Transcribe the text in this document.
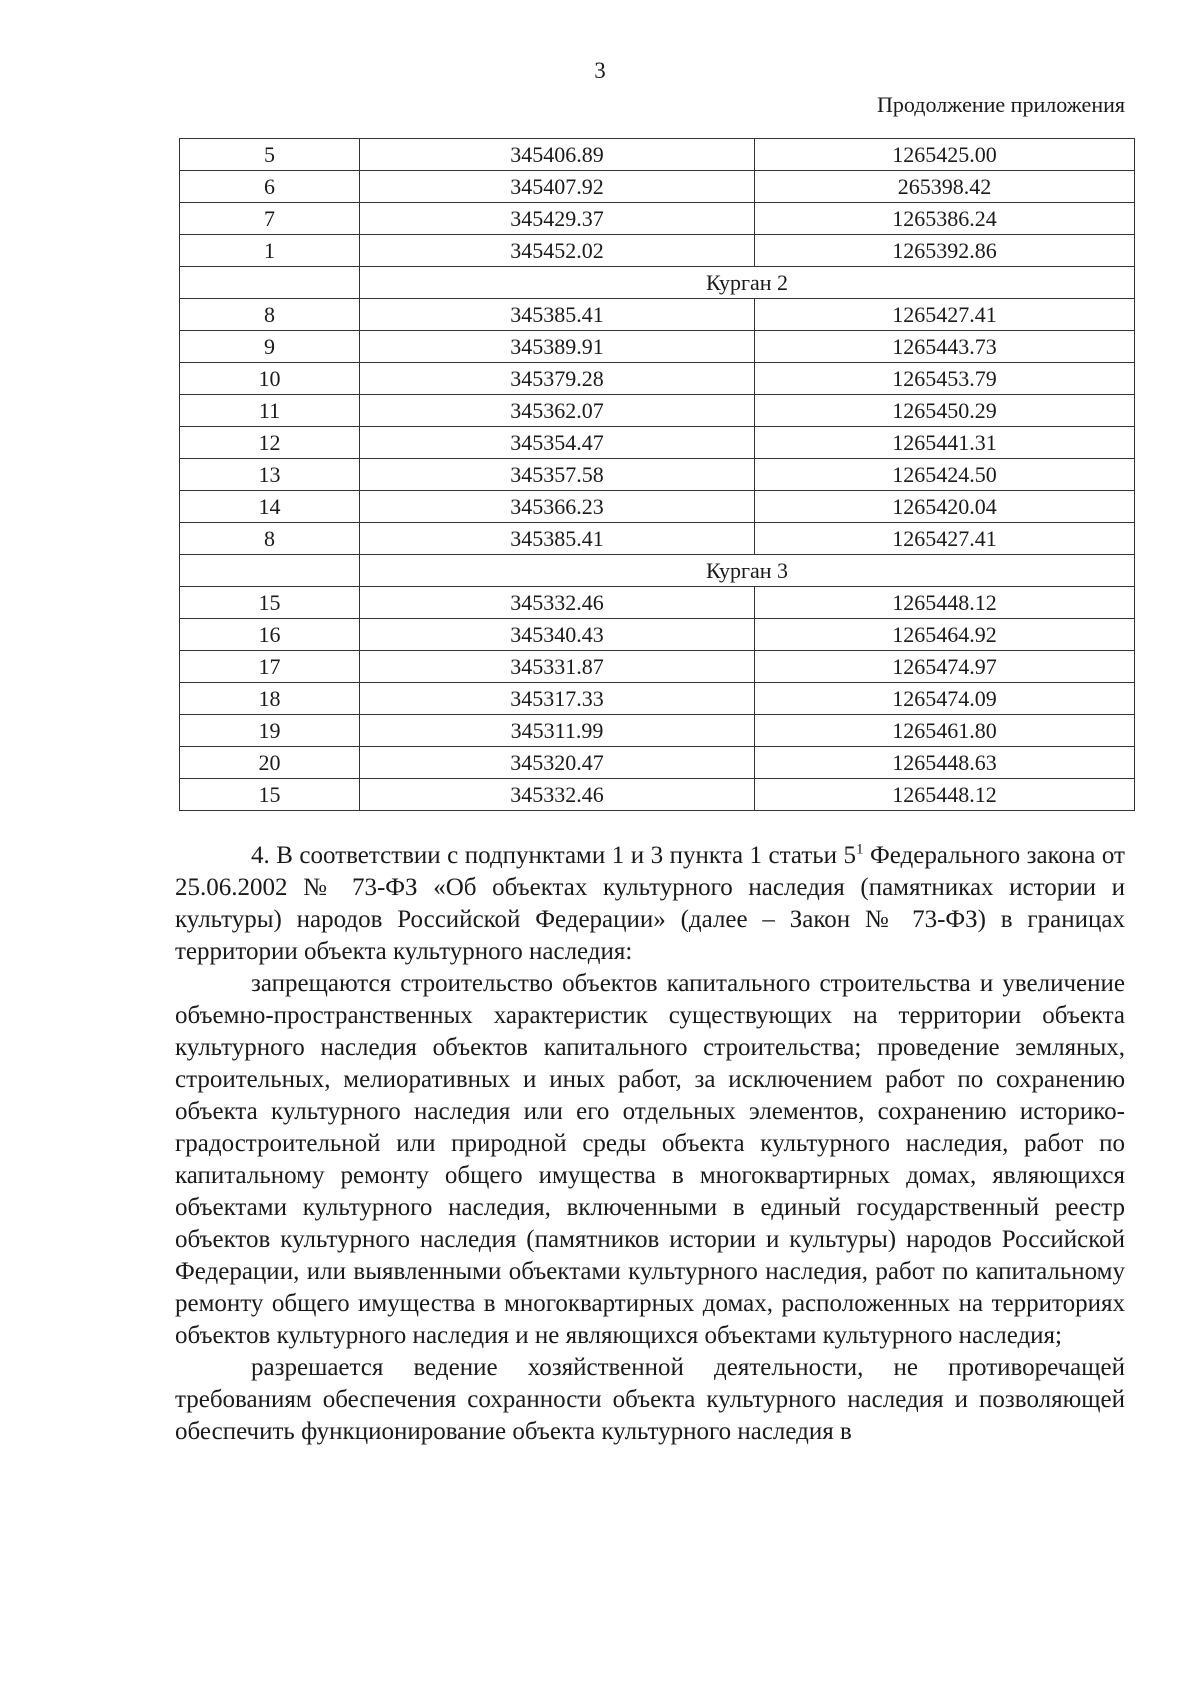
3
Продолжение приложения
5	345406.89	1265425.00
6	345407.92	265398.42
7	345429.37	1265386.24
1	345452.02	1265392.86
	Курган 2	
8	345385.41	1265427.41
9	345389.91	1265443.73
10	345379.28	1265453.79
11	345362.07	1265450.29
12	345354.47	1265441.31
13	345357.58	1265424.50
14	345366.23	1265420.04
8	345385.41	1265427.41
	Курган 3	
15	345332.46	1265448.12
16	345340.43	1265464.92
17	345331.87	1265474.97
18	345317.33	1265474.09
19	345311.99	1265461.80
20	345320.47	1265448.63
15	345332.46	1265448.12

4. В соответствии с подпунктами 1 и 3 пункта 1 статьи $5^1$ Федерального закона от 25.06.2002 № 73-ФЗ «Об объектах культурного наследия (памятниках истории и культуры) народов Российской Федерации» (далее – Закон № 73-ФЗ) в границах территории объекта культурного наследия:

запрещаются строительство объектов капитального строительства и увеличение объемно-пространственных характеристик существующих на территории объекта культурного наследия объектов капитального строительства; проведение земляных, строительных, мелиоративных и иных работ, за исключением работ по сохранению объекта культурного наследия или его отдельных элементов, сохранению историко-градостроительной или природной среды объекта культурного наследия, работ по капитальному ремонту общего имущества в многоквартирных домах, являющихся объектами культурного наследия, включенными в единый государственный реестр объектов культурного наследия (памятников истории и культуры) народов Российской Федерации, или выявленными объектами культурного наследия, работ по капитальному ремонту общего имущества в многоквартирных домах, расположенных на территориях объектов культурного наследия и не являющихся объектами культурного наследия;

разрешается ведение хозяйственной деятельности, не противоречащей требованиям обеспечения сохранности объекта культурного наследия и позволяющей обеспечить функционирование объекта культурного наследия в
